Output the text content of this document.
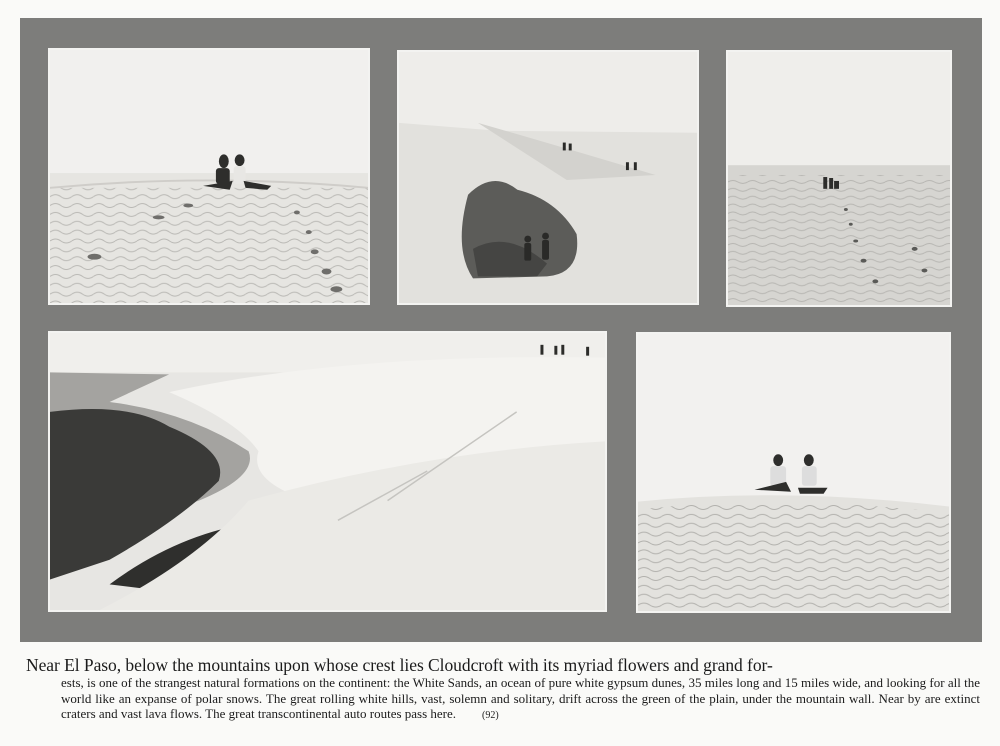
Near El Paso, below the mountains upon whose crest lies Cloudcroft with its myriad flowers and grand for-
ests, is one of the strangest natural formations on the continent: the White Sands, an ocean of pure white gypsum dunes, 35 miles long and 15 miles wide, and looking for all the world like an expanse of polar snows. The great rolling white hills, vast, solemn and solitary, drift across the green of the plain, under the mountain wall. Near by are extinct craters and vast lava flows. The great transcontinental auto routes pass here.	(92)
